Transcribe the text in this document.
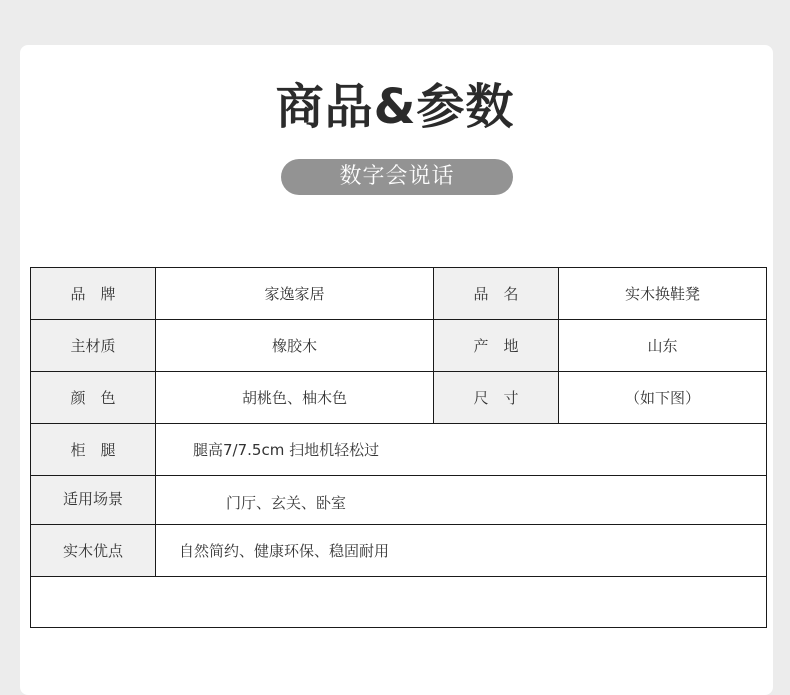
商品&参数
数字会说话
品　牌	家逸家居	品　名	实木换鞋凳
主材质	橡胶木	产　地	山东
颜　色	胡桃色、柚木色	尺　寸	（如下图）
柜　腿	腿高7/7.5cm 扫地机轻松过		
适用场景	门厅、玄关、卧室		
实木优点	自然简约、健康环保、稳固耐用		
